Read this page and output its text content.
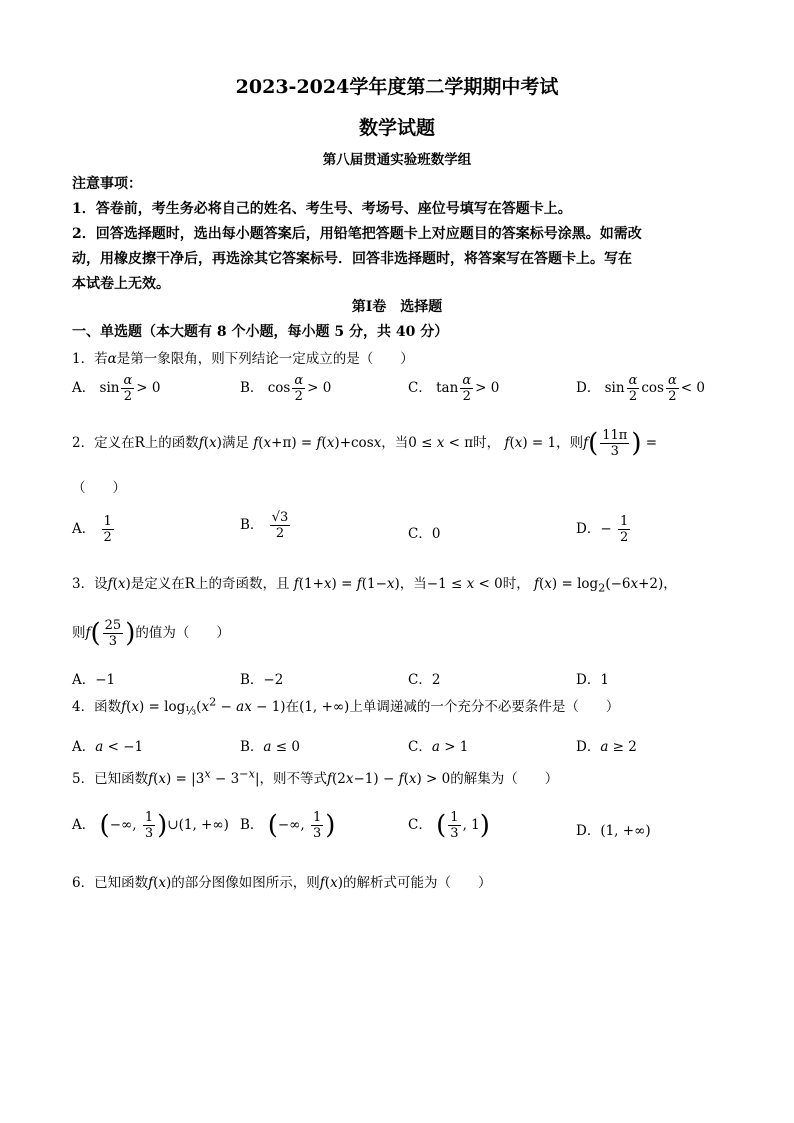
2023-2024学年度第二学期期中考试
数学试题
第八届贯通实验班数学组

注意事项：

1．答卷前，考生务必将自己的姓名、考生号、考场号、座位号填写在答题卡上。

2．回答选择题时，选出每小题答案后，用铅笔把答题卡上对应题目的答案标号涂黑。如需改

动，用橡皮擦干净后，再选涂其它答案标号．回答非选择题时，将答案写在答题卡上。写在

本试卷上无效。

第Ⅰ卷　选择题
一、单选题（本大题有 8 个小题，每小题 5 分，共 40 分）
1．若α是第一象限角，则下列结论一定成立的是（　　）
A． $\sin \frac{\alpha}{2} > 0$	B． $\cos \frac{\alpha}{2} > 0$	C． $\tan \frac{\alpha}{2} > 0$	D． $\sin \frac{\alpha}{2}$ $\cos \frac{\alpha}{2} < 0$
2．定义在R上的函数f(x)满足 f(x+π) = f(x)+cosx，当0 ≤ x < π时， f(x) = 1，则$f( \frac{11\pi}{3}$ ) =
（　　）
A． $\frac{1}{2}$	B． $\frac{√3}{2}$	C．0	D．− $\frac{1}{2}$
3．设f(x)是定义在R上的奇函数，且 f(1+x) = f(1−x)，当−1 ≤ x < 0时， $f(x) = \log_2(-6x+2)$，
则$f( \frac{25}{3}$ )的值为（　　）
A．−1	B．−2	C．2	D．1
4．函数$f(x) = \log_{\frac{1}{3}}(x^2$ − ax − 1)在(1, +∞)上单调递减的一个充分不必要条件是（　　）
A．a < −1	B．a ≤ 0	C．a > 1	D．a ≥ 2
5．已知函数$f(x) = |3^x - 3^{-x}|$，则不等式f(2x−1) − f(x) > 0的解集为（　　）
A． (−∞, $\frac{1}{3}$ )∪(1, +∞) B． (−∞, $\frac{1}{3}$ )	C． ( $\frac{1}{3}$ , 1)	D．(1, +∞)
6．已知函数f(x)的部分图像如图所示，则f(x)的解析式可能为（　　）
